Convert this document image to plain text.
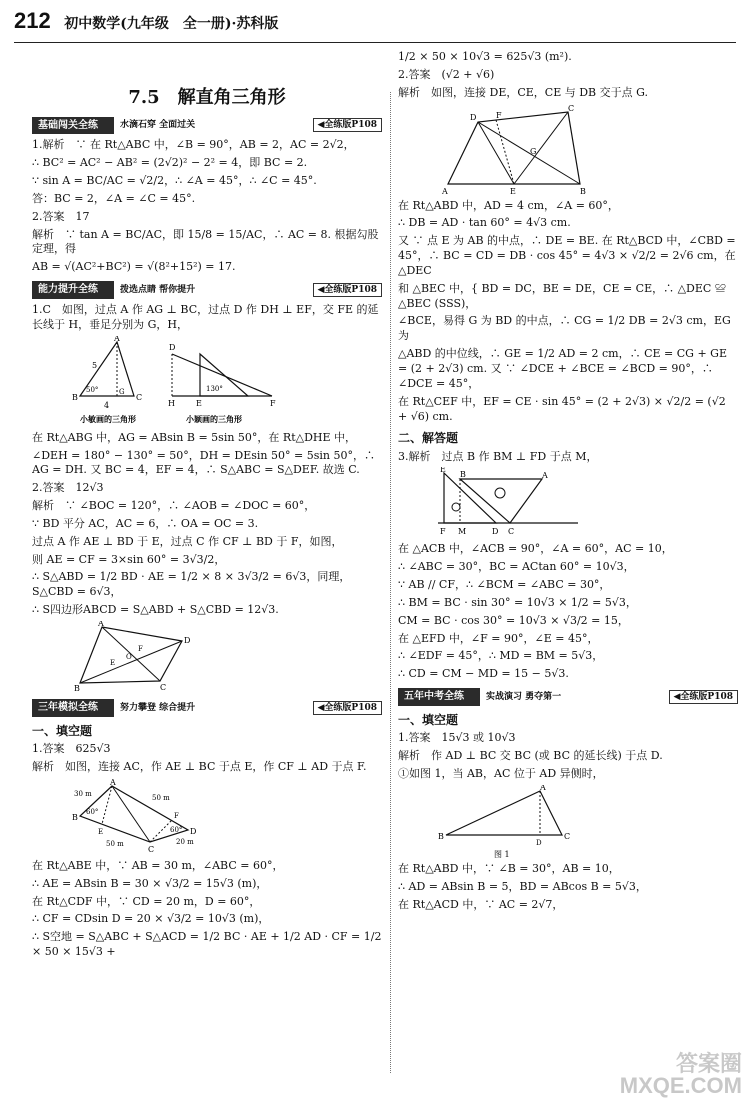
212 初中数学(九年级　全一册)·苏科版
7.5　解直角三角形
基础闯关全练	水滴石穿 全面过关	◀全练版P108

1.解析　∵ 在 Rt△ABC 中，∠B = 90°，AB = 2，AC = 2√2，

∴ BC² = AC² − AB² = (2√2)² − 2² = 4，即 BC = 2.

∵ sin A = BC/AC = √2/2，∴ ∠A = 45°，∴ ∠C = 45°.

答：BC = 2，∠A = ∠C = 45°.

2.答案　17

解析　∵ tan A = BC/AC，即 15/8 = 15/AC，∴ AC = 8. 根据勾股定理，得

AB = √(AC²+BC²) = √(8²+15²) = 17.

能力提升全练	拨选点睛 帮你提升	◀全练版P108

1.C　如图，过点 A 作 AG ⊥ BC，过点 D 作 DH ⊥ EF，交 FE 的延长线于 H，垂足分别为 G，H，

A
B	C
G
5
4
50°
D
H	E	F
130°
小敏画的三角形	小颖画的三角形

在 Rt△ABG 中，AG = ABsin B = 5sin 50°，在 Rt△DHE 中，

∠DEH = 180° − 130° = 50°，DH = DEsin 50° = 5sin 50°，∴ AG = DH. 又 BC = 4，EF = 4，∴ S△ABC = S△DEF. 故选 C.

2.答案　12√3

解析　∵ ∠BOC = 120°，∴ ∠AOB = ∠DOC = 60°，

∵ BD 平分 AC，AC = 6，∴ OA = OC = 3.

过点 A 作 AE ⊥ BD 于 E，过点 C 作 CF ⊥ BD 于 F，如图，

则 AE = CF = 3×sin 60° = 3√3/2，

∴ S△ABD = 1/2 BD · AE = 1/2 × 8 × 3√3/2 = 6√3，同理，S△CBD = 6√3，

∴ S四边形ABCD = S△ABD + S△CBD = 12√3.

A
B	C
D
E
F
O
三年模拟全练	努力攀登 综合提升	◀全练版P108
一、填空题

1.答案　625√3

解析　如图，连接 AC，作 AE ⊥ BC 于点 E，作 CF ⊥ AD 于点 F.

A
B
C
D
E
F
30 m	50 m
50 m	20 m
60°
60°

在 Rt△ABE 中，∵ AB = 30 m，∠ABC = 60°，

∴ AE = ABsin B = 30 × √3/2 = 15√3 (m)，

在 Rt△CDF 中，∵ CD = 20 m，D = 60°，

∴ CF = CDsin D = 20 × √3/2 = 10√3 (m)，

∴ S空地 = S△ABC + S△ACD = 1/2 BC · AE + 1/2 AD · CF = 1/2 × 50 × 15√3 +

1/2 × 50 × 10√3 = 625√3 (m²).

2.答案　(√2 + √6)

解析　如图，连接 DE，CE，CE 与 DB 交于点 G.

C
D F
G
A	E	B

在 Rt△ABD 中，AD = 4 cm，∠A = 60°，

∴ DB = AD · tan 60° = 4√3 cm.

又 ∵ 点 E 为 AB 的中点，∴ DE = BE. 在 Rt△BCD 中，∠CBD = 45°，∴ BC = CD = DB · cos 45° = 4√3 × √2/2 = 2√6 cm，在 △DEC

和 △BEC 中，{ BD = DC，BE = DE，CE = CE，∴ △DEC ≌ △BEC (SSS)，

∠BCE，易得 G 为 BD 的中点，∴ CG = 1/2 DB = 2√3 cm，EG 为

△ABD 的中位线，∴ GE = 1/2 AD = 2 cm，∴ CE = CG + GE = (2 + 2√3) cm. 又 ∵ ∠DCE + ∠BCE = ∠BCD = 90°，∴ ∠DCE = 45°，

在 Rt△CEF 中，EF = CE · sin 45° = (2 + 2√3) × √2/2 = (√2 + √6) cm.

二、解答题

3.解析　过点 B 作 BM ⊥ FD 于点 M，

E
B	A
F M	D C

在 △ACB 中，∠ACB = 90°，∠A = 60°，AC = 10，

∴ ∠ABC = 30°，BC = ACtan 60° = 10√3，

∵ AB // CF，∴ ∠BCM = ∠ABC = 30°，

∴ BM = BC · sin 30° = 10√3 × 1/2 = 5√3，

CM = BC · cos 30° = 10√3 × √3/2 = 15，

在 △EFD 中，∠F = 90°，∠E = 45°，

∴ ∠EDF = 45°，∴ MD = BM = 5√3，

∴ CD = CM − MD = 15 − 5√3.

五年中考全练	实战演习 勇夺第一	◀全练版P108
一、填空题

1.答案　15√3 或 10√3

解析　作 AD ⊥ BC 交 BC (或 BC 的延长线) 于点 D.

①如图 1，当 AB，AC 位于 AD 异侧时，

A
B	C
D
图 1

在 Rt△ABD 中，∵ ∠B = 30°，AB = 10，

∴ AD = ABsin B = 5，BD = ABcos B = 5√3，

在 Rt△ACD 中，∵ AC = 2√7，

答案圈
MXQE.COM
